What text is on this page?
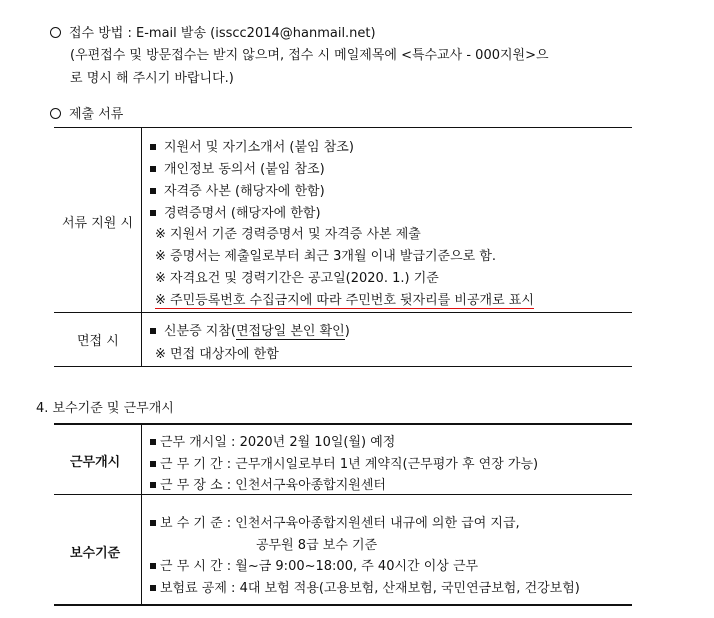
접수 방법 : E-mail 발송 (isscc2014@hanmail.net)
(우편접수 및 방문접수는 받지 않으며, 접수 시 메일제목에 <특수교사 - 000지원>으
로 명시 해 주시기 바랍니다.)
제출 서류
서류 지원 시
지원서 및 자기소개서 (붙임 참조)
개인정보 동의서 (붙임 참조)
자격증 사본 (해당자에 한함)
경력증명서 (해당자에 한함)
※ 지원서 기준 경력증명서 및 자격증 사본 제출
※ 증명서는 제출일로부터 최근 3개월 이내 발급기준으로 함.
※ 자격요건 및 경력기간은 공고일(2020. 1.) 기준
※ 주민등록번호 수집금지에 따라 주민번호 뒷자리를 비공개로 표시
면접 시
신분증 지참(면접당일 본인 확인)
※ 면접 대상자에 한함
4. 보수기준 및 근무개시
근무개시
근무 개시일 : 2020년 2월 10일(월) 예정
근 무 기 간 : 근무개시일로부터 1년 계약직(근무평가 후 연장 가능)
근 무 장 소 : 인천서구육아종합지원센터
보수기준
보 수 기 준 : 인천서구육아종합지원센터 내규에 의한 급여 지급,
공무원 8급 보수 기준
근 무 시 간 : 월~금 9:00~18:00, 주 40시간 이상 근무
보험료 공제 : 4대 보험 적용(고용보험, 산재보험, 국민연금보험, 건강보험)
